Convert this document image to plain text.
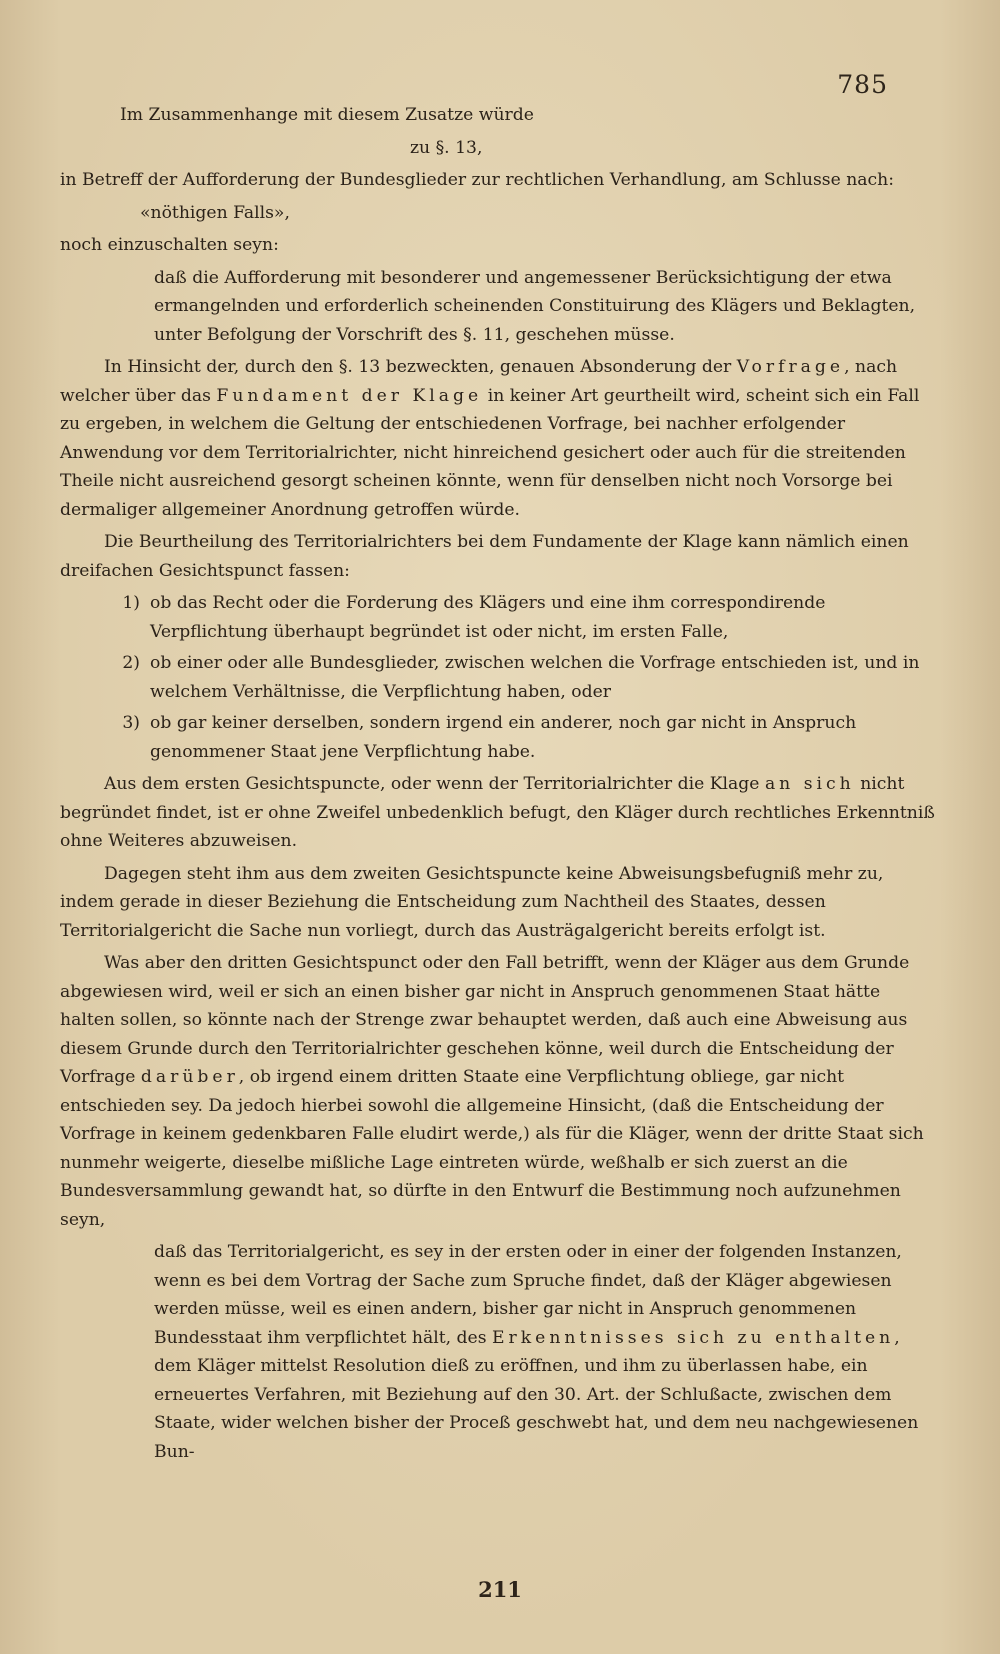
785

Im Zusammenhange mit diesem Zusatze würde

zu §. 13,

in Betreff der Aufforderung der Bundesglieder zur rechtlichen Verhandlung, am Schlusse nach:

«nöthigen Falls»,

noch einzuschalten seyn:

daß die Aufforderung mit besonderer und angemessener Berücksichtigung der etwa ermangelnden und erforderlich scheinenden Constituirung des Klägers und Beklagten, unter Befolgung der Vorschrift des §. 11, geschehen müsse.

In Hinsicht der, durch den §. 13 bezweckten, genauen Absonderung der Vorfrage, nach welcher über das Fundament der Klage in keiner Art geurtheilt wird, scheint sich ein Fall zu ergeben, in welchem die Geltung der entschiedenen Vorfrage, bei nachher erfolgender Anwendung vor dem Territorialrichter, nicht hinreichend gesichert oder auch für die streitenden Theile nicht ausreichend gesorgt scheinen könnte, wenn für denselben nicht noch Vorsorge bei dermaliger allgemeiner Anordnung getroffen würde.

Die Beurtheilung des Territorialrichters bei dem Fundamente der Klage kann nämlich einen dreifachen Gesichtspunct fassen:

1) ob das Recht oder die Forderung des Klägers und eine ihm correspondirende Verpflichtung überhaupt begründet ist oder nicht, im ersten Falle,
2) ob einer oder alle Bundesglieder, zwischen welchen die Vorfrage entschieden ist, und in welchem Verhältnisse, die Verpflichtung haben, oder
3) ob gar keiner derselben, sondern irgend ein anderer, noch gar nicht in Anspruch genommener Staat jene Verpflichtung habe.

Aus dem ersten Gesichtspuncte, oder wenn der Territorialrichter die Klage an sich nicht begründet findet, ist er ohne Zweifel unbedenklich befugt, den Kläger durch rechtliches Erkenntniß ohne Weiteres abzuweisen.

Dagegen steht ihm aus dem zweiten Gesichtspuncte keine Abweisungsbefugniß mehr zu, indem gerade in dieser Beziehung die Entscheidung zum Nachtheil des Staates, dessen Territorialgericht die Sache nun vorliegt, durch das Austrägalgericht bereits erfolgt ist.

Was aber den dritten Gesichtspunct oder den Fall betrifft, wenn der Kläger aus dem Grunde abgewiesen wird, weil er sich an einen bisher gar nicht in Anspruch genommenen Staat hätte halten sollen, so könnte nach der Strenge zwar behauptet werden, daß auch eine Abweisung aus diesem Grunde durch den Territorialrichter geschehen könne, weil durch die Entscheidung der Vorfrage darüber, ob irgend einem dritten Staate eine Verpflichtung obliege, gar nicht entschieden sey. Da jedoch hierbei sowohl die allgemeine Hinsicht, (daß die Entscheidung der Vorfrage in keinem gedenkbaren Falle eludirt werde,) als für die Kläger, wenn der dritte Staat sich nunmehr weigerte, dieselbe mißliche Lage eintreten würde, weßhalb er sich zuerst an die Bundesversammlung gewandt hat, so dürfte in den Entwurf die Bestimmung noch aufzunehmen seyn,

daß das Territorialgericht, es sey in der ersten oder in einer der folgenden Instanzen, wenn es bei dem Vortrag der Sache zum Spruche findet, daß der Kläger abgewiesen werden müsse, weil es einen andern, bisher gar nicht in Anspruch genommenen Bundesstaat ihm verpflichtet hält, des Erkenntnisses sich zu enthalten, dem Kläger mittelst Resolution dieß zu eröffnen, und ihm zu überlassen habe, ein erneuertes Verfahren, mit Beziehung auf den 30. Art. der Schlußacte, zwischen dem Staate, wider welchen bisher der Proceß geschwebt hat, und dem neu nachgewiesenen Bun-

211
